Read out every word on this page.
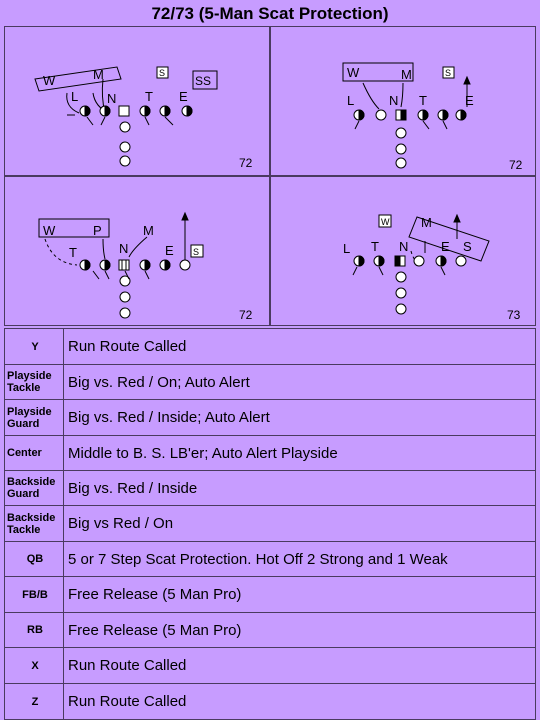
72/73 (5-Man Scat Protection)
S
SS
W	M
L N T E
72
S
W	M
L	N T	E
72
W	P	M
T	N	E S
72
W M
L T N	E S
73
Y	Run Route Called
Playside Tackle	Big vs. Red / On; Auto Alert
Playside Guard	Big vs. Red / Inside; Auto Alert
Center	Middle to B. S. LB'er; Auto Alert Playside
Backside Guard	Big vs. Red / Inside
Backside Tackle	Big vs Red / On
QB	5 or 7 Step Scat Protection. Hot Off 2 Strong and 1 Weak
FB/B	Free Release (5 Man Pro)
RB	Free Release (5 Man Pro)
X	Run Route Called
Z	Run Route Called
